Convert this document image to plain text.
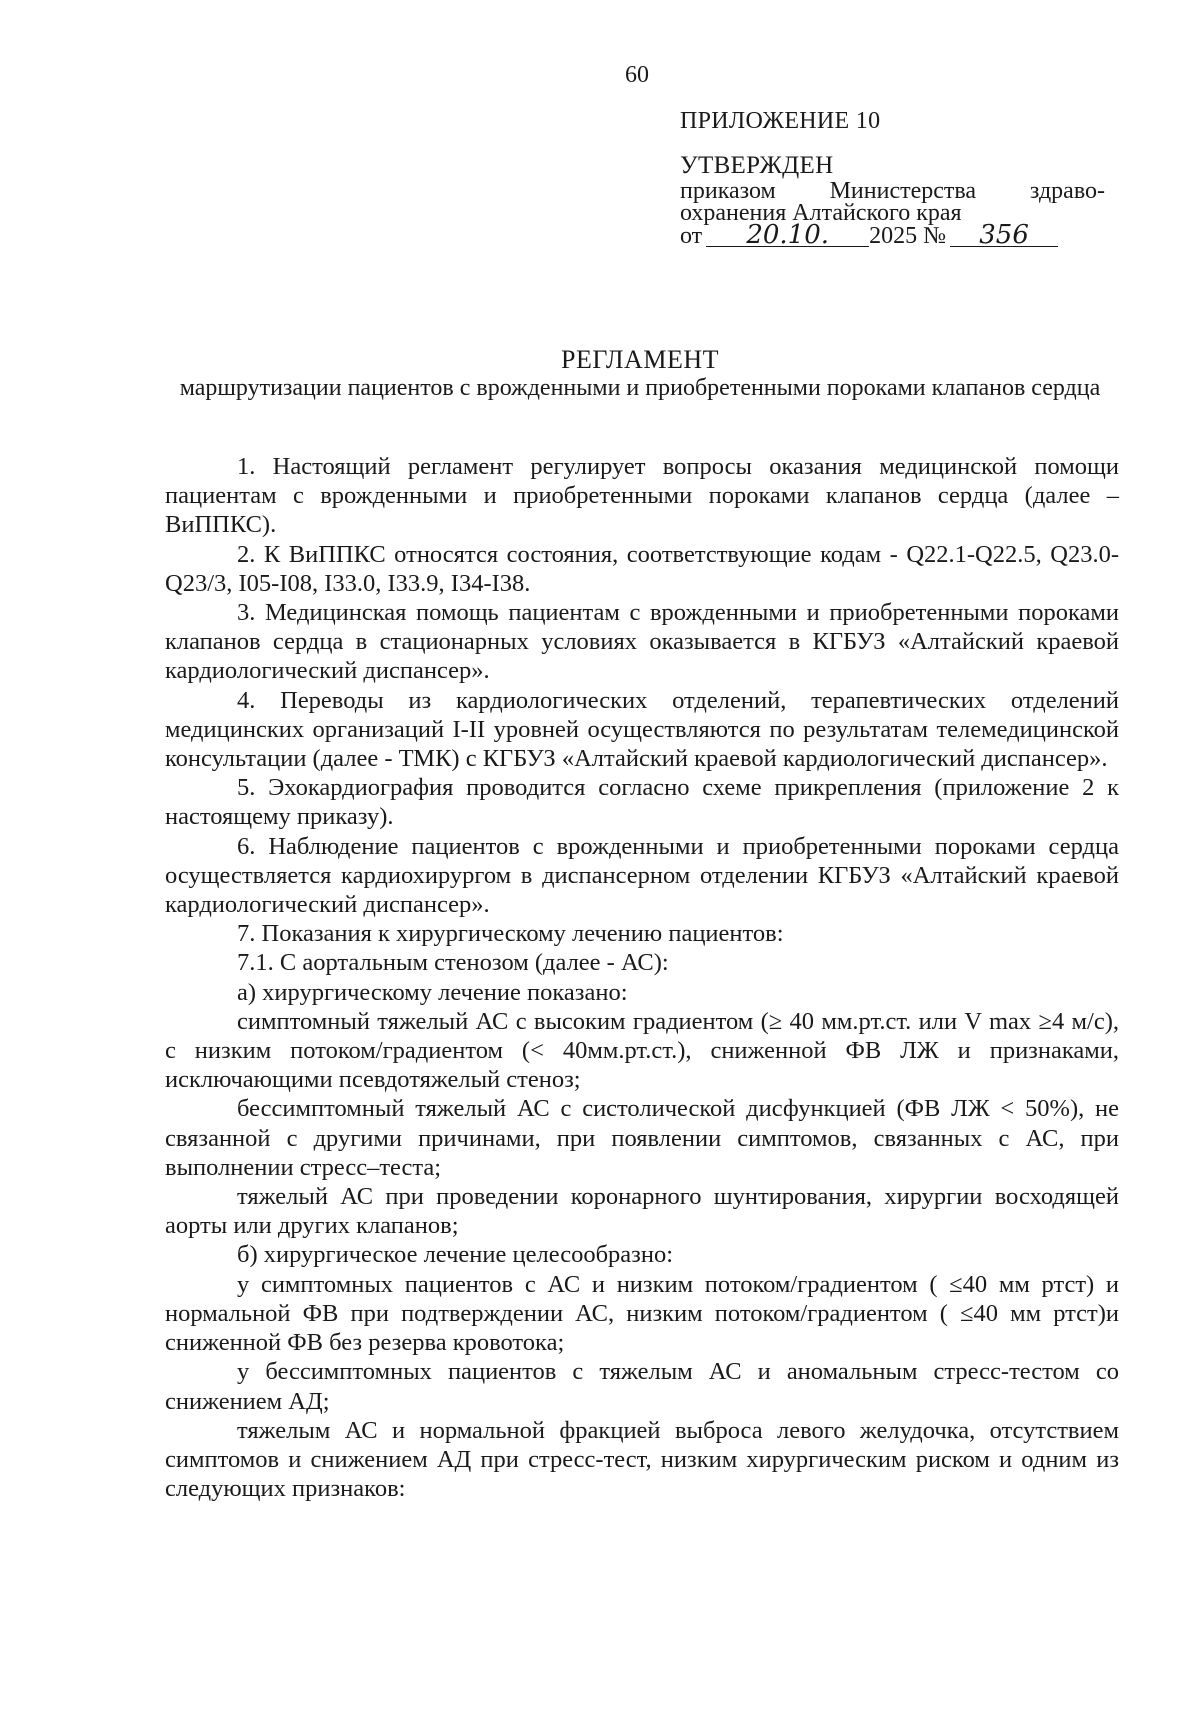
60
ПРИЛОЖЕНИЕ 10
УТВЕРЖДЕН
приказом Министерства здраво-
охранения Алтайского края
от	20.10.	2025 №	356
РЕГЛАМЕНТ
маршрутизации пациентов с врожденными и приобретенными пороками клапанов сердца

1. Настоящий регламент регулирует вопросы оказания медицинской помощи пациентам с врожденными и приобретенными пороками клапанов сердца (далее – ВиППКС).

2. К ВиППКС относятся состояния, соответствующие кодам - Q22.1-Q22.5, Q23.0-Q23/3, I05-I08, I33.0, I33.9, I34-I38.

3. Медицинская помощь пациентам с врожденными и приобретенными пороками клапанов сердца в стационарных условиях оказывается в КГБУЗ «Алтайский краевой кардиологический диспансер».

4. Переводы из кардиологических отделений, терапевтических отделений медицинских организаций I-II уровней осуществляются по результатам телемедицинской консультации (далее - ТМК) с КГБУЗ «Алтайский краевой кардиологический диспансер».

5. Эхокардиография проводится согласно схеме прикрепления (приложение 2 к настоящему приказу).

6. Наблюдение пациентов с врожденными и приобретенными пороками сердца осуществляется кардиохирургом в диспансерном отделении КГБУЗ «Алтайский краевой кардиологический диспансер».

7. Показания к хирургическому лечению пациентов:

7.1. С аортальным стенозом (далее - АС):

а) хирургическому лечение показано:

симптомный тяжелый АС с высоким градиентом (≥ 40 мм.рт.ст. или V max ≥4 м/с), с низким потоком/градиентом (< 40мм.рт.ст.), сниженной ФВ ЛЖ и признаками, исключающими псевдотяжелый стеноз;

бессимптомный тяжелый АС с систолической дисфункцией (ФВ ЛЖ < 50%), не связанной с другими причинами, при появлении симптомов, связанных с АС, при выполнении стресс–теста;

тяжелый АС при проведении коронарного шунтирования, хирургии восходящей аорты или других клапанов;

б) хирургическое лечение целесообразно:

у симптомных пациентов с АС и низким потоком/градиентом ( ≤40 мм ртст) и нормальной ФВ при подтверждении АС, низким потоком/градиентом ( ≤40 мм ртст)и сниженной ФВ без резерва кровотока;

у бессимптомных пациентов с тяжелым АС и аномальным стресс-тестом со снижением АД;

тяжелым АС и нормальной фракцией выброса левого желудочка, отсутствием симптомов и снижением АД при стресс-тест, низким хирургическим риском и одним из следующих признаков:
